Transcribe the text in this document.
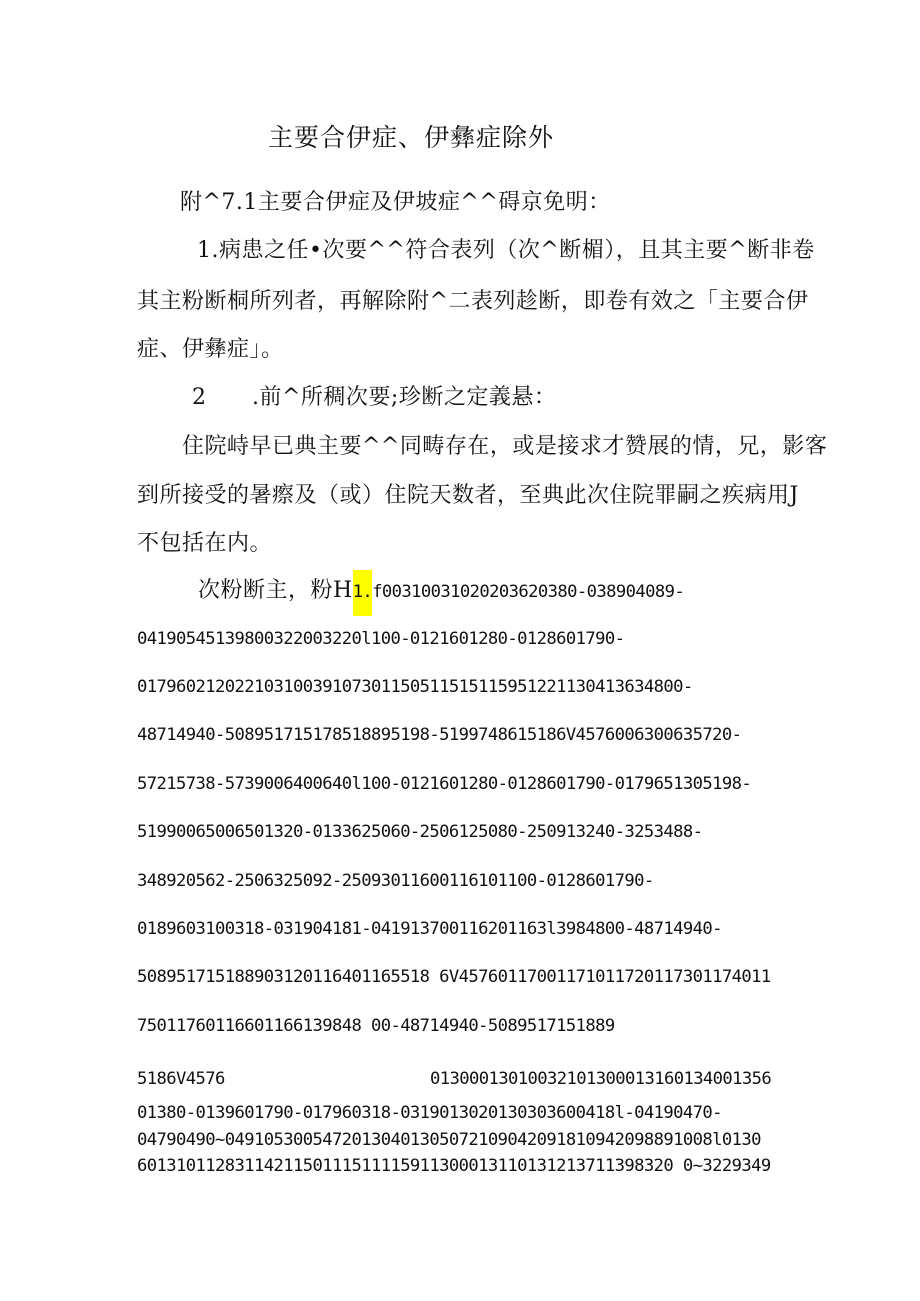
主要合伊症、伊彝症除外
附^7.1主要合伊症及伊坡症^^碍京免明：
1.病患之任•次要^^符合表列（次^断楣），且其主要^断非卷
其主粉断桐所列者，再解除附^二表列趁断，即卷有效之「主要合伊
症、伊彝症」。
2 .前^所稠次要;珍断之定義悬：
住院峙早已典主要^^同畴存在，或是接求才赞展的情，兄，影客
到所接受的暑瘵及（或）住院天数者，至典此次住院罪嗣之疾病用J
不包括在内。
次粉断主，粉H1.f00310031020203620380-038904089-
04190545139800322003220l100-0121601280-0128601790-
01796021202210310039107301150511515115951221130413634800-
48714940-508951715178518895198-5199748615186V4576006300635720-
57215738-5739006400640l100-0121601280-0128601790-0179651305198-
51990065006501320-0133625060-2506125080-250913240-3253488-
348920562-2506325092-25093011600116101100-0128601790-
0189603100318-031904181-041913700116201163l3984800-48714940-
508951715188903120116401165518 6V45760117001171011720117301174011
75011760116601166139848 00-48714940-5089517151889
5186V4576	01300013010032101300013160134001356
01380-0139601790-017960318-0319013020130303600418l-04190470-
04790490~04910530054720130401305072109042091810942098891008l0130
6013101128311421150111511115911300013110131213711398320 0~3229349
